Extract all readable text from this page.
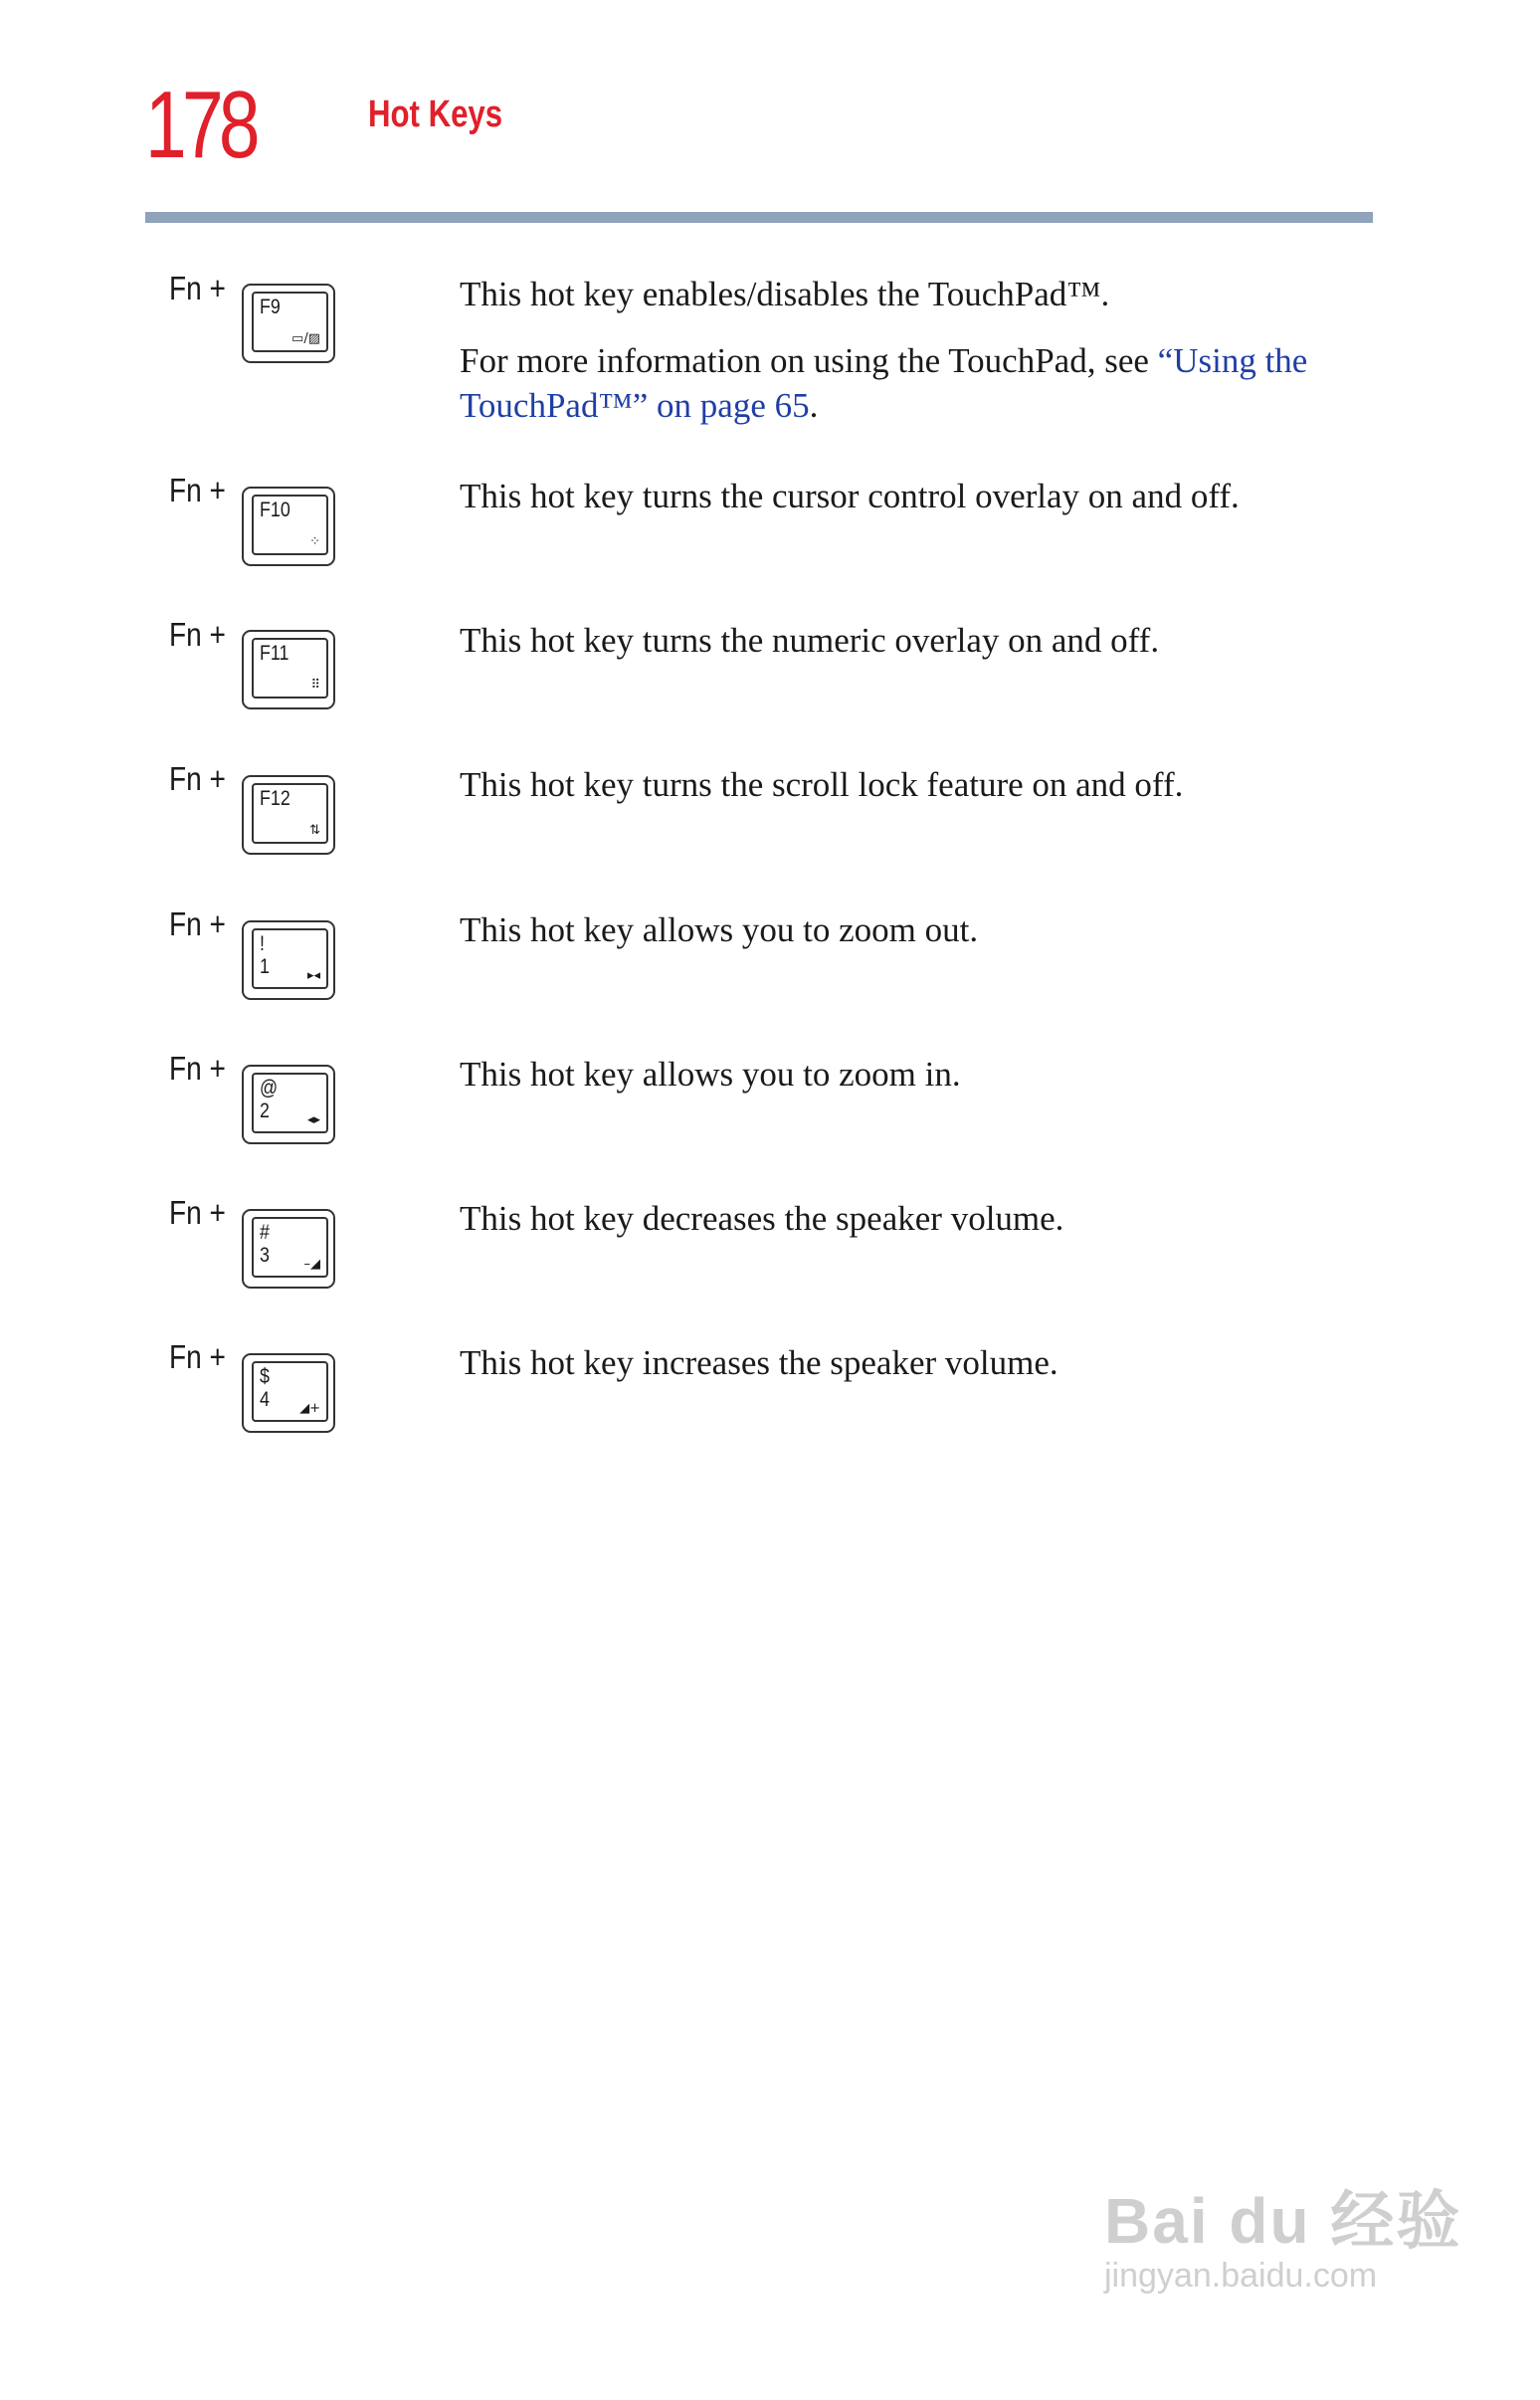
178	Hot Keys
Fn +
F9
▭/▨

This hot key enables/disables the TouchPad™.

For more information on using the TouchPad, see “Using the TouchPad™” on page 65.

Fn +
F10
⁘

This hot key turns the cursor control overlay on and off.

Fn +
F11
⠿

This hot key turns the numeric overlay on and off.

Fn +
F12
⇅

This hot key turns the scroll lock feature on and off.

Fn +
!
1	▸◂

This hot key allows you to zoom out.

Fn +
@
2	◂▸

This hot key allows you to zoom in.

Fn +
#
3	–◢

This hot key decreases the speaker volume.

Fn +
$
4 ◢+

This hot key increases the speaker volume.

Bai du 经验
jingyan.baidu.com
